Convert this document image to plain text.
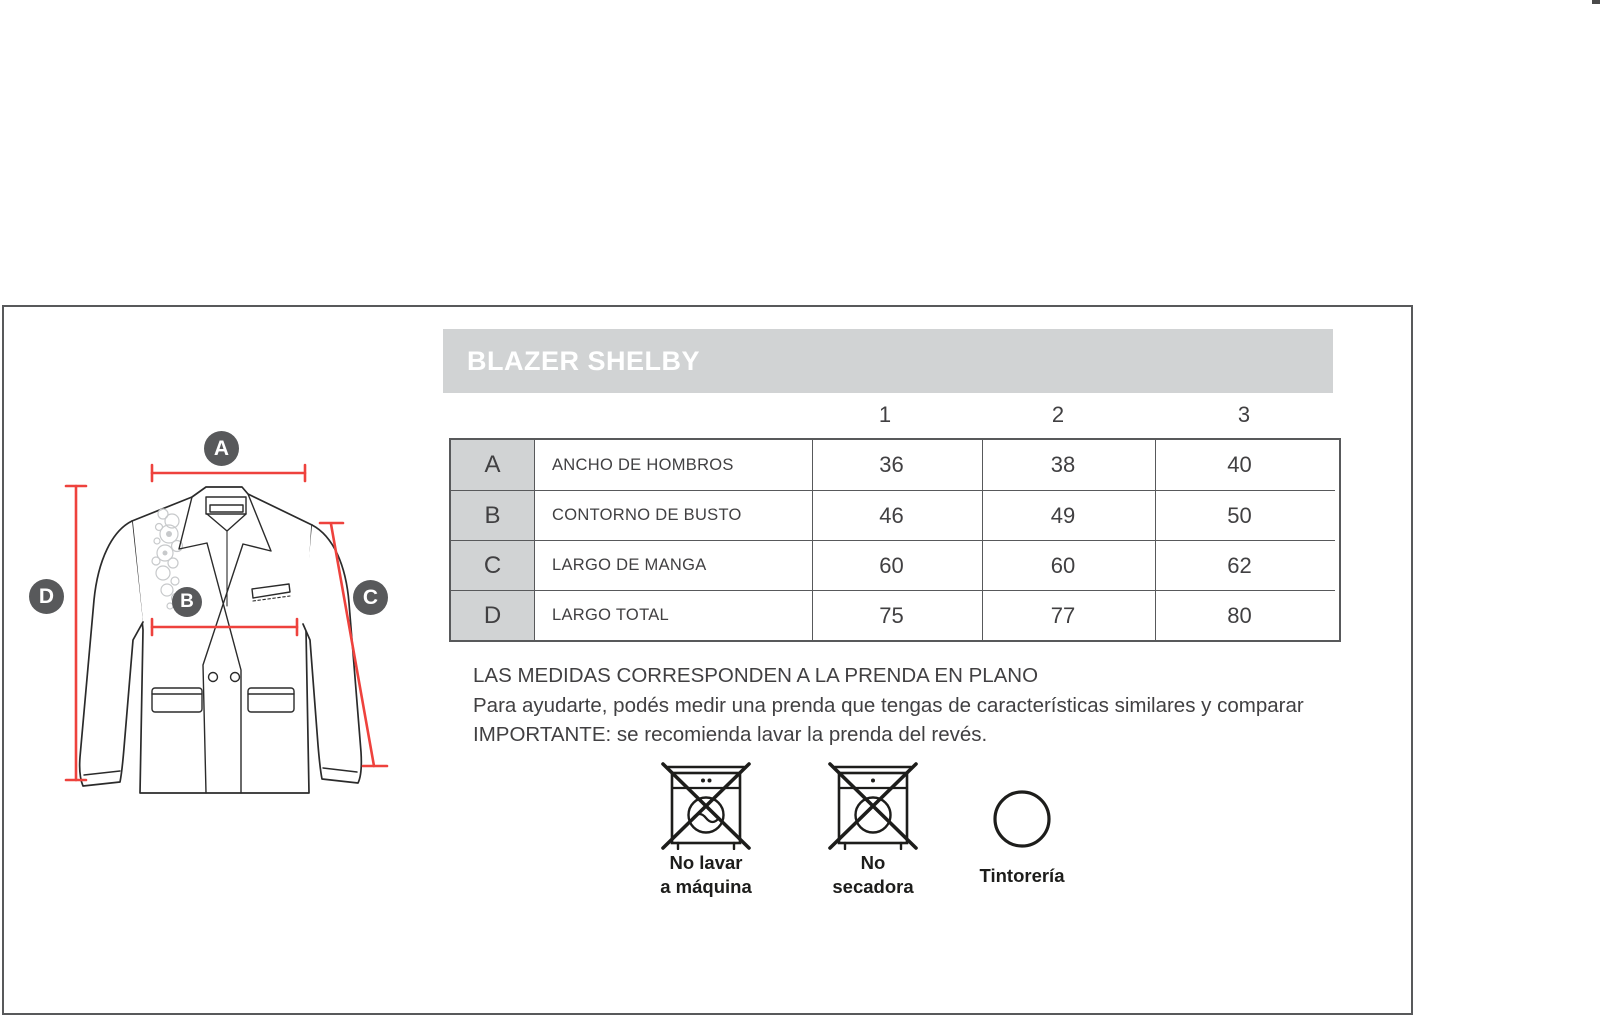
A
B	C
D
BLAZER SHELBY
1	2	3
A	ANCHO DE HOMBROS	36	38	40
B	CONTORNO DE BUSTO	46	49	50
C	LARGO DE MANGA	60	60	62
D	LARGO TOTAL	75	77	80

LAS MEDIDAS CORRESPONDEN A LA PRENDA EN PLANO

Para ayudarte, podés medir una prenda que tengas de características similares y comparar

IMPORTANTE: se recomienda lavar la prenda del revés.

No lavar
a máquina
No
secadora
Tintorería
